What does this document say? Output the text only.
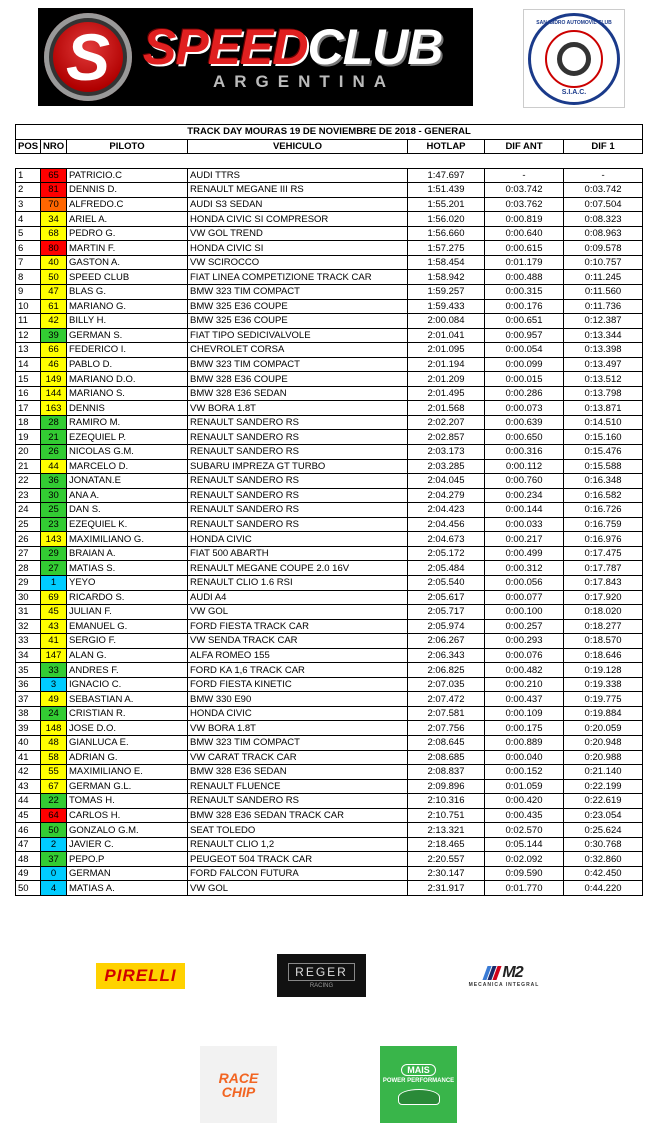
S SPEEDCLUB
ARGENTINA
SAN ISIDRO AUTOMOVIL CLUB
S.I.A.C.
TRACK DAY MOURAS 19 DE NOVIEMBRE DE 2018 - GENERAL						
POS	NRO	PILOTO	VEHICULO	HOTLAP	DIF ANT	DIF 1

1	65	PATRICIO.C	AUDI TTRS	1:47.697	-	-
2	81	DENNIS D.	RENAULT MEGANE III RS	1:51.439	0:03.742	0:03.742
3	70	ALFREDO.C	AUDI S3 SEDAN	1:55.201	0:03.762	0:07.504
4	34	ARIEL A.	HONDA CIVIC SI COMPRESOR	1:56.020	0:00.819	0:08.323
5	68	PEDRO G.	VW GOL TREND	1:56.660	0:00.640	0:08.963
6	80	MARTIN F.	HONDA CIVIC SI	1:57.275	0:00.615	0:09.578
7	40	GASTON A.	VW SCIROCCO	1:58.454	0:01.179	0:10.757
8	50	SPEED CLUB	FIAT LINEA COMPETIZIONE TRACK CAR	1:58.942	0:00.488	0:11.245
9	47	BLAS G.	BMW 323 TIM COMPACT	1:59.257	0:00.315	0:11.560
10	61	MARIANO G.	BMW 325 E36 COUPE	1:59.433	0:00.176	0:11.736
11	42	BILLY H.	BMW 325 E36 COUPE	2:00.084	0:00.651	0:12.387
12	39	GERMAN S.	FIAT TIPO SEDICIVALVOLE	2:01.041	0:00.957	0:13.344
13	66	FEDERICO I.	CHEVROLET CORSA	2:01.095	0:00.054	0:13.398
14	46	PABLO D.	BMW 323 TIM COMPACT	2:01.194	0:00.099	0:13.497
15	149	MARIANO D.O.	BMW 328 E36 COUPE	2:01.209	0:00.015	0:13.512
16	144	MARIANO S.	BMW 328 E36 SEDAN	2:01.495	0:00.286	0:13.798
17	163	DENNIS	VW BORA 1.8T	2:01.568	0:00.073	0:13.871
18	28	RAMIRO M.	RENAULT SANDERO RS	2:02.207	0:00.639	0:14.510
19	21	EZEQUIEL P.	RENAULT SANDERO RS	2:02.857	0:00.650	0:15.160
20	26	NICOLAS G.M.	RENAULT SANDERO RS	2:03.173	0:00.316	0:15.476
21	44	MARCELO D.	SUBARU IMPREZA GT TURBO	2:03.285	0:00.112	0:15.588
22	36	JONATAN.E	RENAULT SANDERO RS	2:04.045	0:00.760	0:16.348
23	30	ANA A.	RENAULT SANDERO RS	2:04.279	0:00.234	0:16.582
24	25	DAN S.	RENAULT SANDERO RS	2:04.423	0:00.144	0:16.726
25	23	EZEQUIEL K.	RENAULT SANDERO RS	2:04.456	0:00.033	0:16.759
26	143	MAXIMILIANO G.	HONDA CIVIC	2:04.673	0:00.217	0:16.976
27	29	BRAIAN A.	FIAT 500 ABARTH	2:05.172	0:00.499	0:17.475
28	27	MATIAS S.	RENAULT MEGANE COUPE 2.0 16V	2:05.484	0:00.312	0:17.787
29	1	YEYO	RENAULT CLIO 1.6 RSI	2:05.540	0:00.056	0:17.843
30	69	RICARDO S.	AUDI A4	2:05.617	0:00.077	0:17.920
31	45	JULIAN F.	VW GOL	2:05.717	0:00.100	0:18.020
32	43	EMANUEL G.	FORD FIESTA TRACK CAR	2:05.974	0:00.257	0:18.277
33	41	SERGIO F.	VW SENDA TRACK CAR	2:06.267	0:00.293	0:18.570
34	147	ALAN G.	ALFA ROMEO 155	2:06.343	0:00.076	0:18.646
35	33	ANDRES F.	FORD KA 1,6 TRACK CAR	2:06.825	0:00.482	0:19.128
36	3	IGNACIO C.	FORD FIESTA KINETIC	2:07.035	0:00.210	0:19.338
37	49	SEBASTIAN A.	BMW 330 E90	2:07.472	0:00.437	0:19.775
38	24	CRISTIAN R.	HONDA CIVIC	2:07.581	0:00.109	0:19.884
39	148	JOSE D.O.	VW BORA 1.8T	2:07.756	0:00.175	0:20.059
40	48	GIANLUCA E.	BMW 323 TIM COMPACT	2:08.645	0:00.889	0:20.948
41	58	ADRIAN G.	VW CARAT TRACK CAR	2:08.685	0:00.040	0:20.988
42	55	MAXIMILIANO E.	BMW 328 E36 SEDAN	2:08.837	0:00.152	0:21.140
43	67	GERMAN G.L.	RENAULT FLUENCE	2:09.896	0:01.059	0:22.199
44	22	TOMAS H.	RENAULT SANDERO RS	2:10.316	0:00.420	0:22.619
45	64	CARLOS H.	BMW 328 E36 SEDAN TRACK CAR	2:10.751	0:00.435	0:23.054
46	50	GONZALO G.M.	SEAT TOLEDO	2:13.321	0:02.570	0:25.624
47	2	JAVIER C.	RENAULT CLIO 1,2	2:18.465	0:05.144	0:30.768
48	37	PEPO.P	PEUGEOT 504 TRACK CAR	2:20.557	0:02.092	0:32.860
49	0	GERMAN	FORD FALCON FUTURA	2:30.147	0:09.590	0:42.450
50	4	MATIAS A.	VW GOL	2:31.917	0:01.770	0:44.220
PIRELLI	REGER
RACING
M2
MECANICA INTEGRAL
RACE
CHIP
MAIS
POWER PERFORMANCE
